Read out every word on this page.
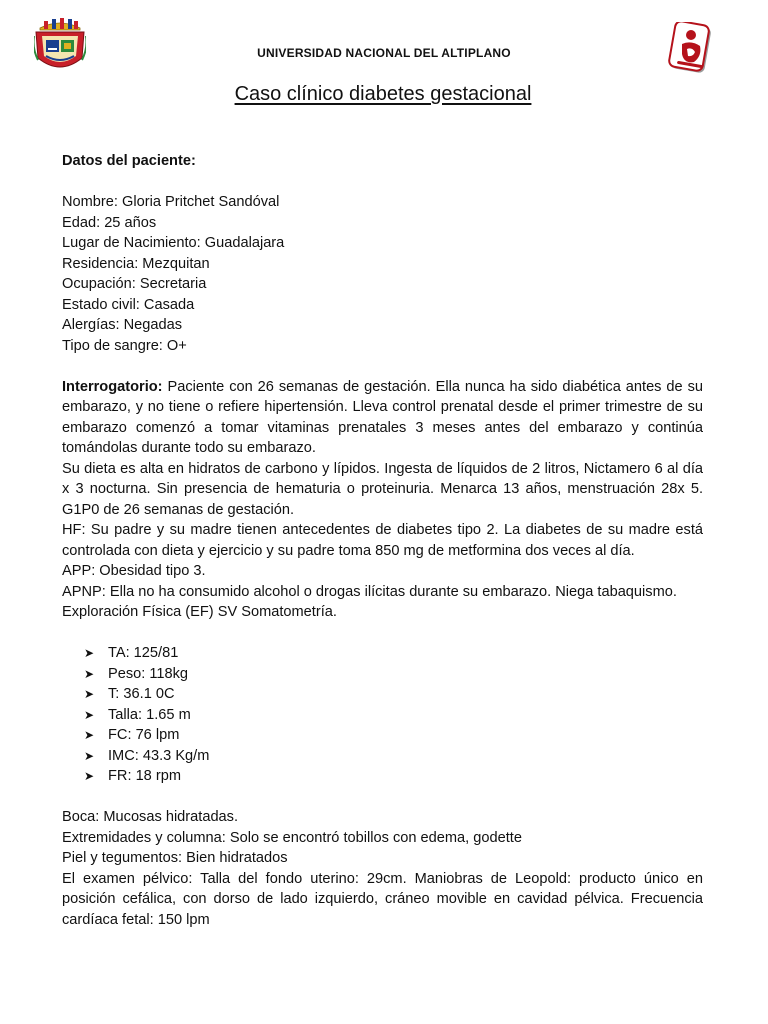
UNIVERSIDAD NACIONAL DEL ALTIPLANO
Caso clínico diabetes gestacional

Datos del paciente:

Nombre: Gloria Pritchet Sandóval

Edad: 25 años

Lugar de Nacimiento: Guadalajara

Residencia: Mezquitan

Ocupación: Secretaria

Estado civil: Casada

Alergías: Negadas

Tipo de sangre: O+

Interrogatorio: Paciente con 26 semanas de gestación. Ella nunca ha sido diabética antes de su embarazo, y no tiene o refiere hipertensión. Lleva control prenatal desde el primer trimestre de su embarazo comenzó a tomar vitaminas prenatales 3 meses antes del embarazo y continúa tomándolas durante todo su embarazo.

Su dieta es alta en hidratos de carbono y lípidos. Ingesta de líquidos de 2 litros, Nictamero 6 al día x 3 nocturna. Sin presencia de hematuria o proteinuria. Menarca 13 años, menstruación 28x 5. G1P0 de 26 semanas de gestación.

HF: Su padre y su madre tienen antecedentes de diabetes tipo 2. La diabetes de su madre está controlada con dieta y ejercicio y su padre toma 850 mg de metformina dos veces al día.

APP: Obesidad tipo 3.

APNP: Ella no ha consumido alcohol o drogas ilícitas durante su embarazo. Niega tabaquismo.

Exploración Física (EF) SV Somatometría.

➤ TA: 125/81
➤ Peso: 118kg
➤ T: 36.1 0C
➤ Talla: 1.65 m
➤ FC: 76 lpm
➤ IMC: 43.3 Kg/m
➤ FR: 18 rpm

Boca: Mucosas hidratadas.

Extremidades y columna: Solo se encontró tobillos con edema, godette

Piel y tegumentos: Bien hidratados

El examen pélvico: Talla del fondo uterino: 29cm. Maniobras de Leopold: producto único en posición cefálica, con dorso de lado izquierdo, cráneo movible en cavidad pélvica. Frecuencia cardíaca fetal: 150 lpm
